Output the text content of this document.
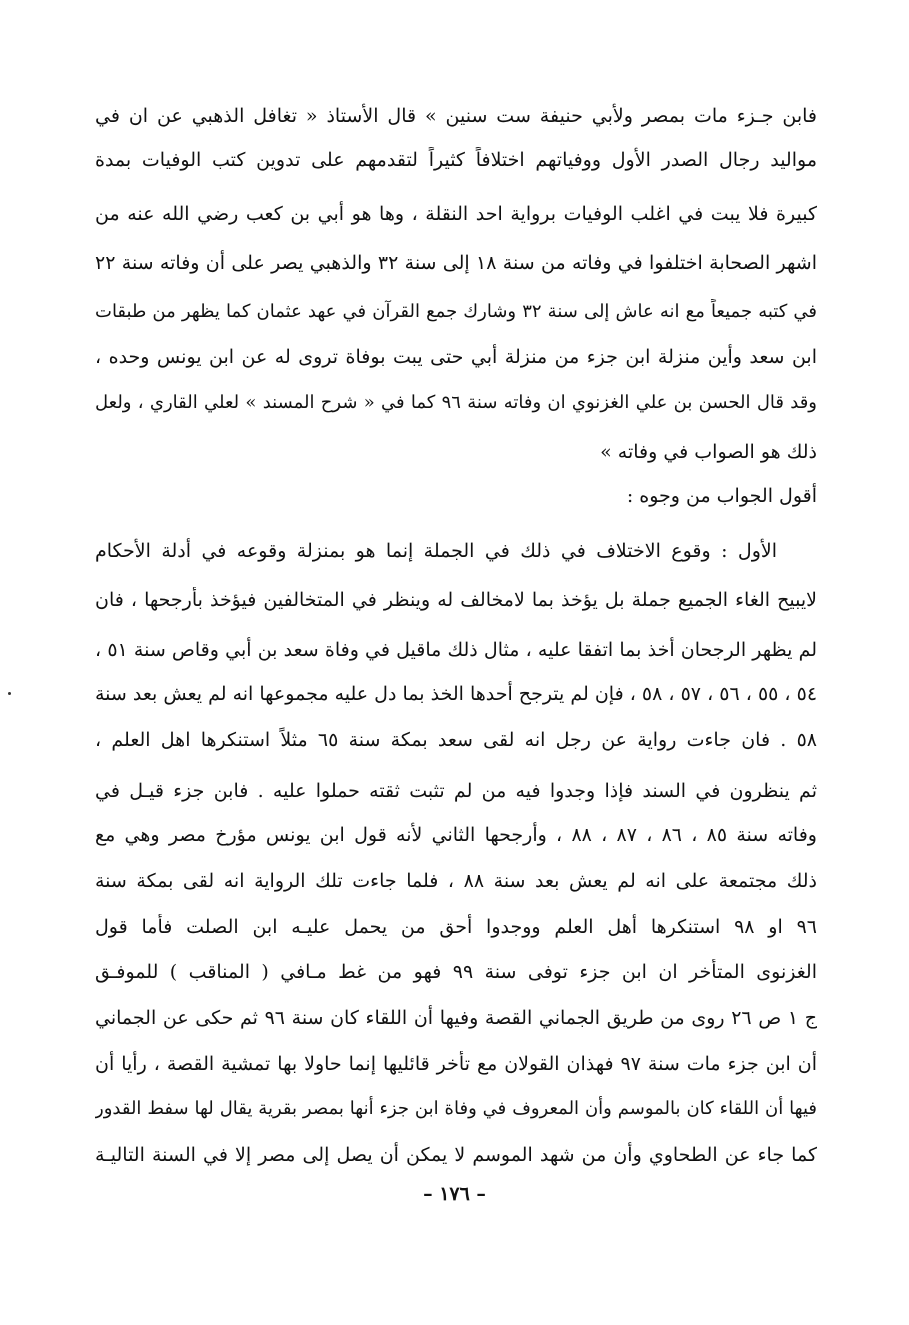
فابن جـزء مات بمصر ولأبي حنيفة ست سنين » قال الأستاذ « تغافل الذهبي عن ان في
مواليد رجال الصدر الأول ووفياتهم اختلافاً كثيراً لتقدمهم على تدوين كتب الوفيات بمدة
كبيرة فلا يبت في اغلب الوفيات برواية احد النقلة ، وها هو أبي بن كعب رضي الله عنه من
اشهر الصحابة اختلفوا في وفاته من سنة ١٨ إلى سنة ٣٢ والذهبي يصر على أن وفاته سنة ٢٢
في كتبه جميعاً مع انه عاش إلى سنة ٣٢ وشارك جمع القرآن في عهد عثمان كما يظهر من طبقات
ابن سعد وأين منزلة ابن جزء من منزلة أبي حتى يبت بوفاة تروى له عن ابن يونس وحده ،
وقد قال الحسن بن علي الغزنوي ان وفاته سنة ٩٦ كما في « شرح المسند » لعلي القاري ، ولعل
ذلك هو الصواب في وفاته »
أقول الجواب من وجوه :
الأول : وقوع الاختلاف في ذلك في الجملة إنما هو بمنزلة وقوعه في أدلة الأحكام
لايبيح الغاء الجميع جملة بل يؤخذ بما لامخالف له وينظر في المتخالفين فيؤخذ بأرجحها ، فان
لم يظهر الرجحان أخذ بما اتفقا عليه ، مثال ذلك ماقيل في وفاة سعد بن أبي وقاص سنة ٥١ ،
٥٤ ، ٥٥ ، ٥٦ ، ٥٧ ، ٥٨ ، فإن لم يترجح أحدها الخذ بما دل عليه مجموعها انه لم يعش بعد سنة
٥٨ . فان جاءت رواية عن رجل انه لقى سعد بمكة سنة ٦٥ مثلاً استنكرها اهل العلم ،
ثم ينظرون في السند فإذا وجدوا فيه من لم تثبت ثقته حملوا عليه . فابن جزء قيـل في
وفاته سنة ٨٥ ، ٨٦ ، ٨٧ ، ٨٨ ، وأرجحها الثاني لأنه قول ابن يونس مؤرخ مصر وهي مع
ذلك مجتمعة على انه لم يعش بعد سنة ٨٨ ، فلما جاءت تلك الرواية انه لقى بمكة سنة
٩٦ او ٩٨ استنكرها أهل العلم ووجدوا أحق من يحمل عليـه ابن الصلت فأما قول
الغزنوى المتأخر ان ابن جزء توفى سنة ٩٩ فهو من غط مـافي ( المناقب ) للموفـق
ج ١ ص ٢٦ روى من طريق الجماني القصة وفيها أن اللقاء كان سنة ٩٦ ثم حكى عن الجماني
أن ابن جزء مات سنة ٩٧ فهذان القولان مع تأخر قائليها إنما حاولا بها تمشية القصة ، رأيا أن
فيها أن اللقاء كان بالموسم وأن المعروف في وفاة ابن جزء أنها بمصر بقرية يقال لها سفط القدور
كما جاء عن الطحاوي وأن من شهد الموسم لا يمكن أن يصل إلى مصر إلا في السنة التاليـة
– ١٧٦ –
